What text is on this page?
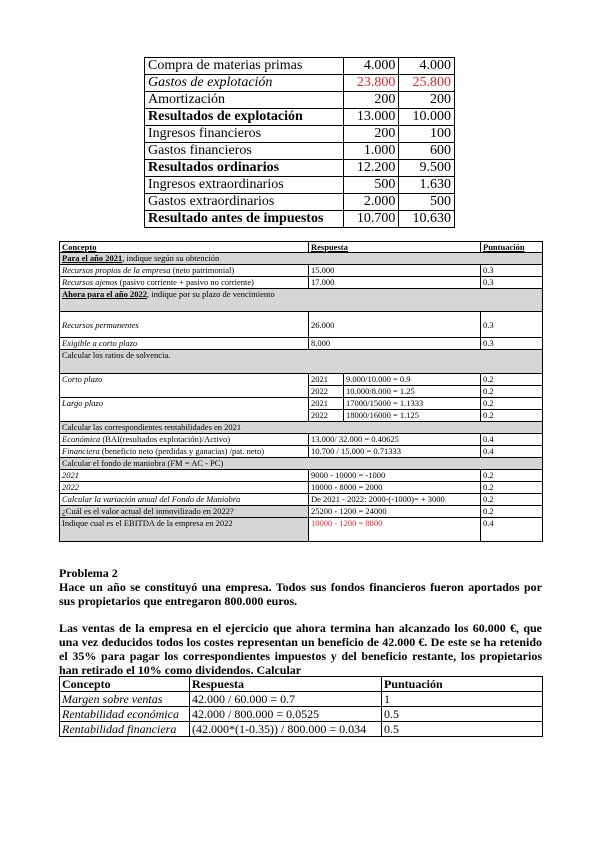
Compra de materias primas	4.000	4.000
Gastos de explotación	23.800	25.800
Amortización	200	200
Resultados de explotación	13.000	10.000
Ingresos financieros	200	100
Gastos financieros	1.000	600
Resultados ordinarios	12.200	9.500
Ingresos extraordinarios	500	1.630
Gastos extraordinarios	2.000	500
Resultado antes de impuestos	10.700	10.630
Concepto	Respuesta		Puntuación
Para el año 2021, indique según su obtención			
Recursos propios de la empresa (neto patrimonial)	15.000		0.3
Recursos ajenos (pasivo corriente + pasivo no corriente)	17.000		0.3
Ahora para el año 2022, indique por su plazo de vencimiento			
Recursos permanentes	26.000		0.3
Exigible a corto plazo	8.000		0.3
Calcular los ratios de solvencia.			
Corto plazo	2021	9.000/10.000 = 0.9	0.2
	2022	10.000/8.000 = 1.25	0.2
Largo plazo	2021	17000/15000 = 1.1333	0.2
	2022	18000/16000 = 1.125	0.2
Calcular las correspondientes rentabilidades en 2021			
Económica (BAI(resultados explotación)/Activo)	13.000/ 32.000 = 0.40625		0.4
Financiera (beneficio neto (perdidas y ganacias) /pat. neto)	10.700 / 15.000 = 0.71333		0.4
Calcular el fondo de maniobra (FM = AC - PC)			
2021	9000 - 10000 = -1000		0.2
2022	10000 - 8000 = 2000		0.2
Calcular la variación anual del Fondo de Maniobra	De 2021 - 2022: 2000-(-1000)= + 3000		0.2
¿Cuál es el valor actual del inmovilizado en 2022?	25200 - 1200 = 24000		0.2
Indique cual es el EBITDA de la empresa en 2022	10000 - 1200 = 8800		0.4
Problema 2

Hace un año se constituyó una empresa. Todos sus fondos financieros fueron aportados por sus propietarios que entregaron 800.000 euros.

Las ventas de la empresa en el ejercicio que ahora termina han alcanzado los 60.000 €, que una vez deducidos todos los costes representan un beneficio de 42.000 €. De este se ha retenido el 35% para pagar los correspondientes impuestos y del beneficio restante, los propietarios han retirado el 10% como dividendos. Calcular

Concepto	Respuesta	Puntuación
Margen sobre ventas	42.000 / 60.000 = 0.7	1
Rentabilidad económica	42.000 / 800.000 = 0.0525	0.5
Rentabilidad financiera	(42.000*(1-0.35)) / 800.000 = 0.034	0.5
